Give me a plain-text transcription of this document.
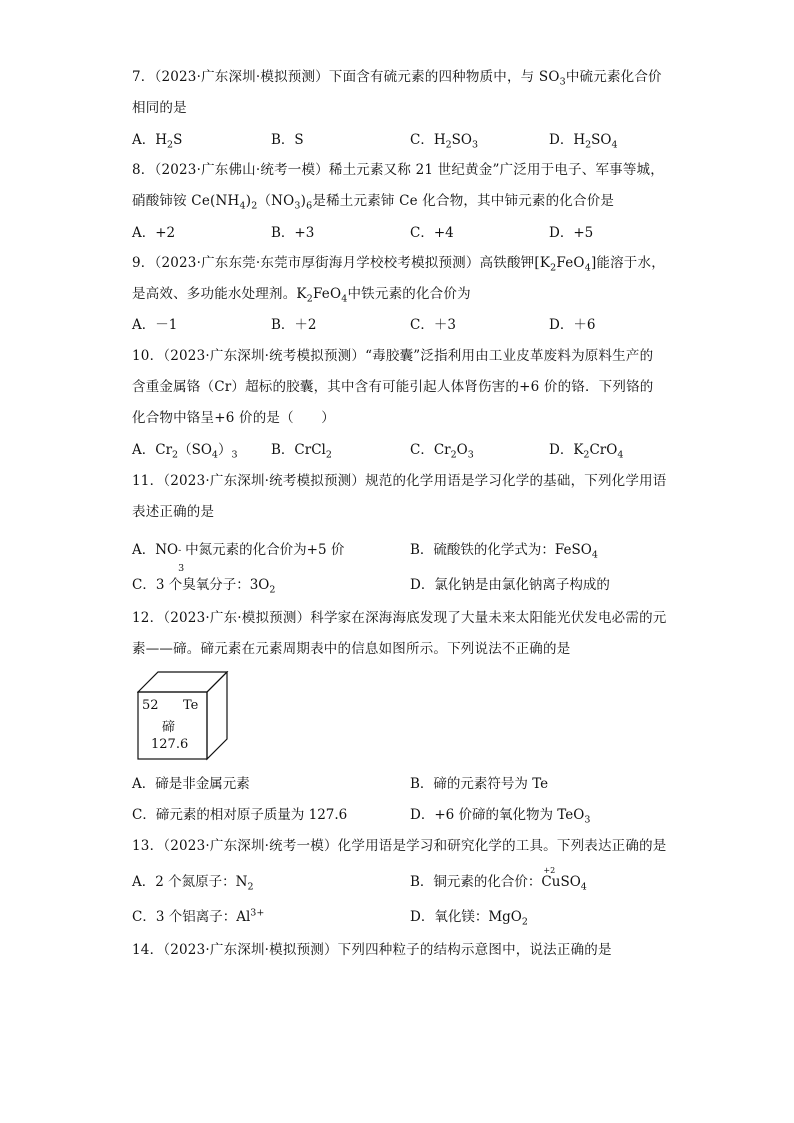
7．（2023·广东深圳·模拟预测）下面含有硫元素的四种物质中，与 $SO_3$中硫元素化合价
相同的是
A．$H_2S$	B．S	C．$H_2SO_3$	D．$H_2SO_4$
8．（2023·广东佛山·统考一模）稀土元素又称 21 世纪黄金”广泛用于电子、军事等城，
硝酸铈铵 $Ce(NH_4)_2(NO_3)_6$是稀土元素铈 Ce 化合物，其中铈元素的化合价是
A．+2	B．+3	C．+4	D．+5
9．（2023·广东东莞·东莞市厚街海月学校校考模拟预测）高铁酸钾$[K_2FeO_4]$能溶于水，
是高效、多功能水处理剂。$K_2FeO_4$中铁元素的化合价为
A．－1	B．＋2	C．＋3	D．＋6
10．（2023·广东深圳·统考模拟预测）“毒胶囊”泛指利用由工业皮革废料为原料生产的
含重金属铬（Cr）超标的胶囊，其中含有可能引起人体肾伤害的+6 价的铬．下列铬的
化合物中铬呈+6 价的是（　　）
A．$Cr_2(SO_4)_3$ B．CrCl$_2$	C．$Cr_2O_3$	D．$K_2CrO_4$
11．（2023·广东深圳·统考模拟预测）规范的化学用语是学习化学的基础，下列化学用语
表述正确的是
A．NO -
3
中氮元素的化合价为+5 价	B．硫酸铁的化学式为：FeSO$_4$
C．3 个臭氧分子：$3O_2$	D．氯化钠是由氯化钠离子构成的
12．（2023·广东·模拟预测）科学家在深海海底发现了大量未来太阳能光伏发电必需的元
素——碲。碲元素在元素周期表中的信息如图所示。下列说法不正确的是
52 Te
碲
127.6
A．碲是非金属元素	B．碲的元素符号为 Te
C．碲元素的相对原子质量为 127.6	D．+6 价碲的氧化物为 TeO$_3$
13．（2023·广东深圳·统考一模）化学用语是学习和研究化学的工具。下列表达正确的是
A．2 个氮原子：$N_2$	B．铜元素的化合价：
+2
CuSO$_4$
C．3 个铝离子：$Al^{3+}$	D．氧化镁：MgO$_2$
14．（2023·广东深圳·模拟预测）下列四种粒子的结构示意图中，说法正确的是
